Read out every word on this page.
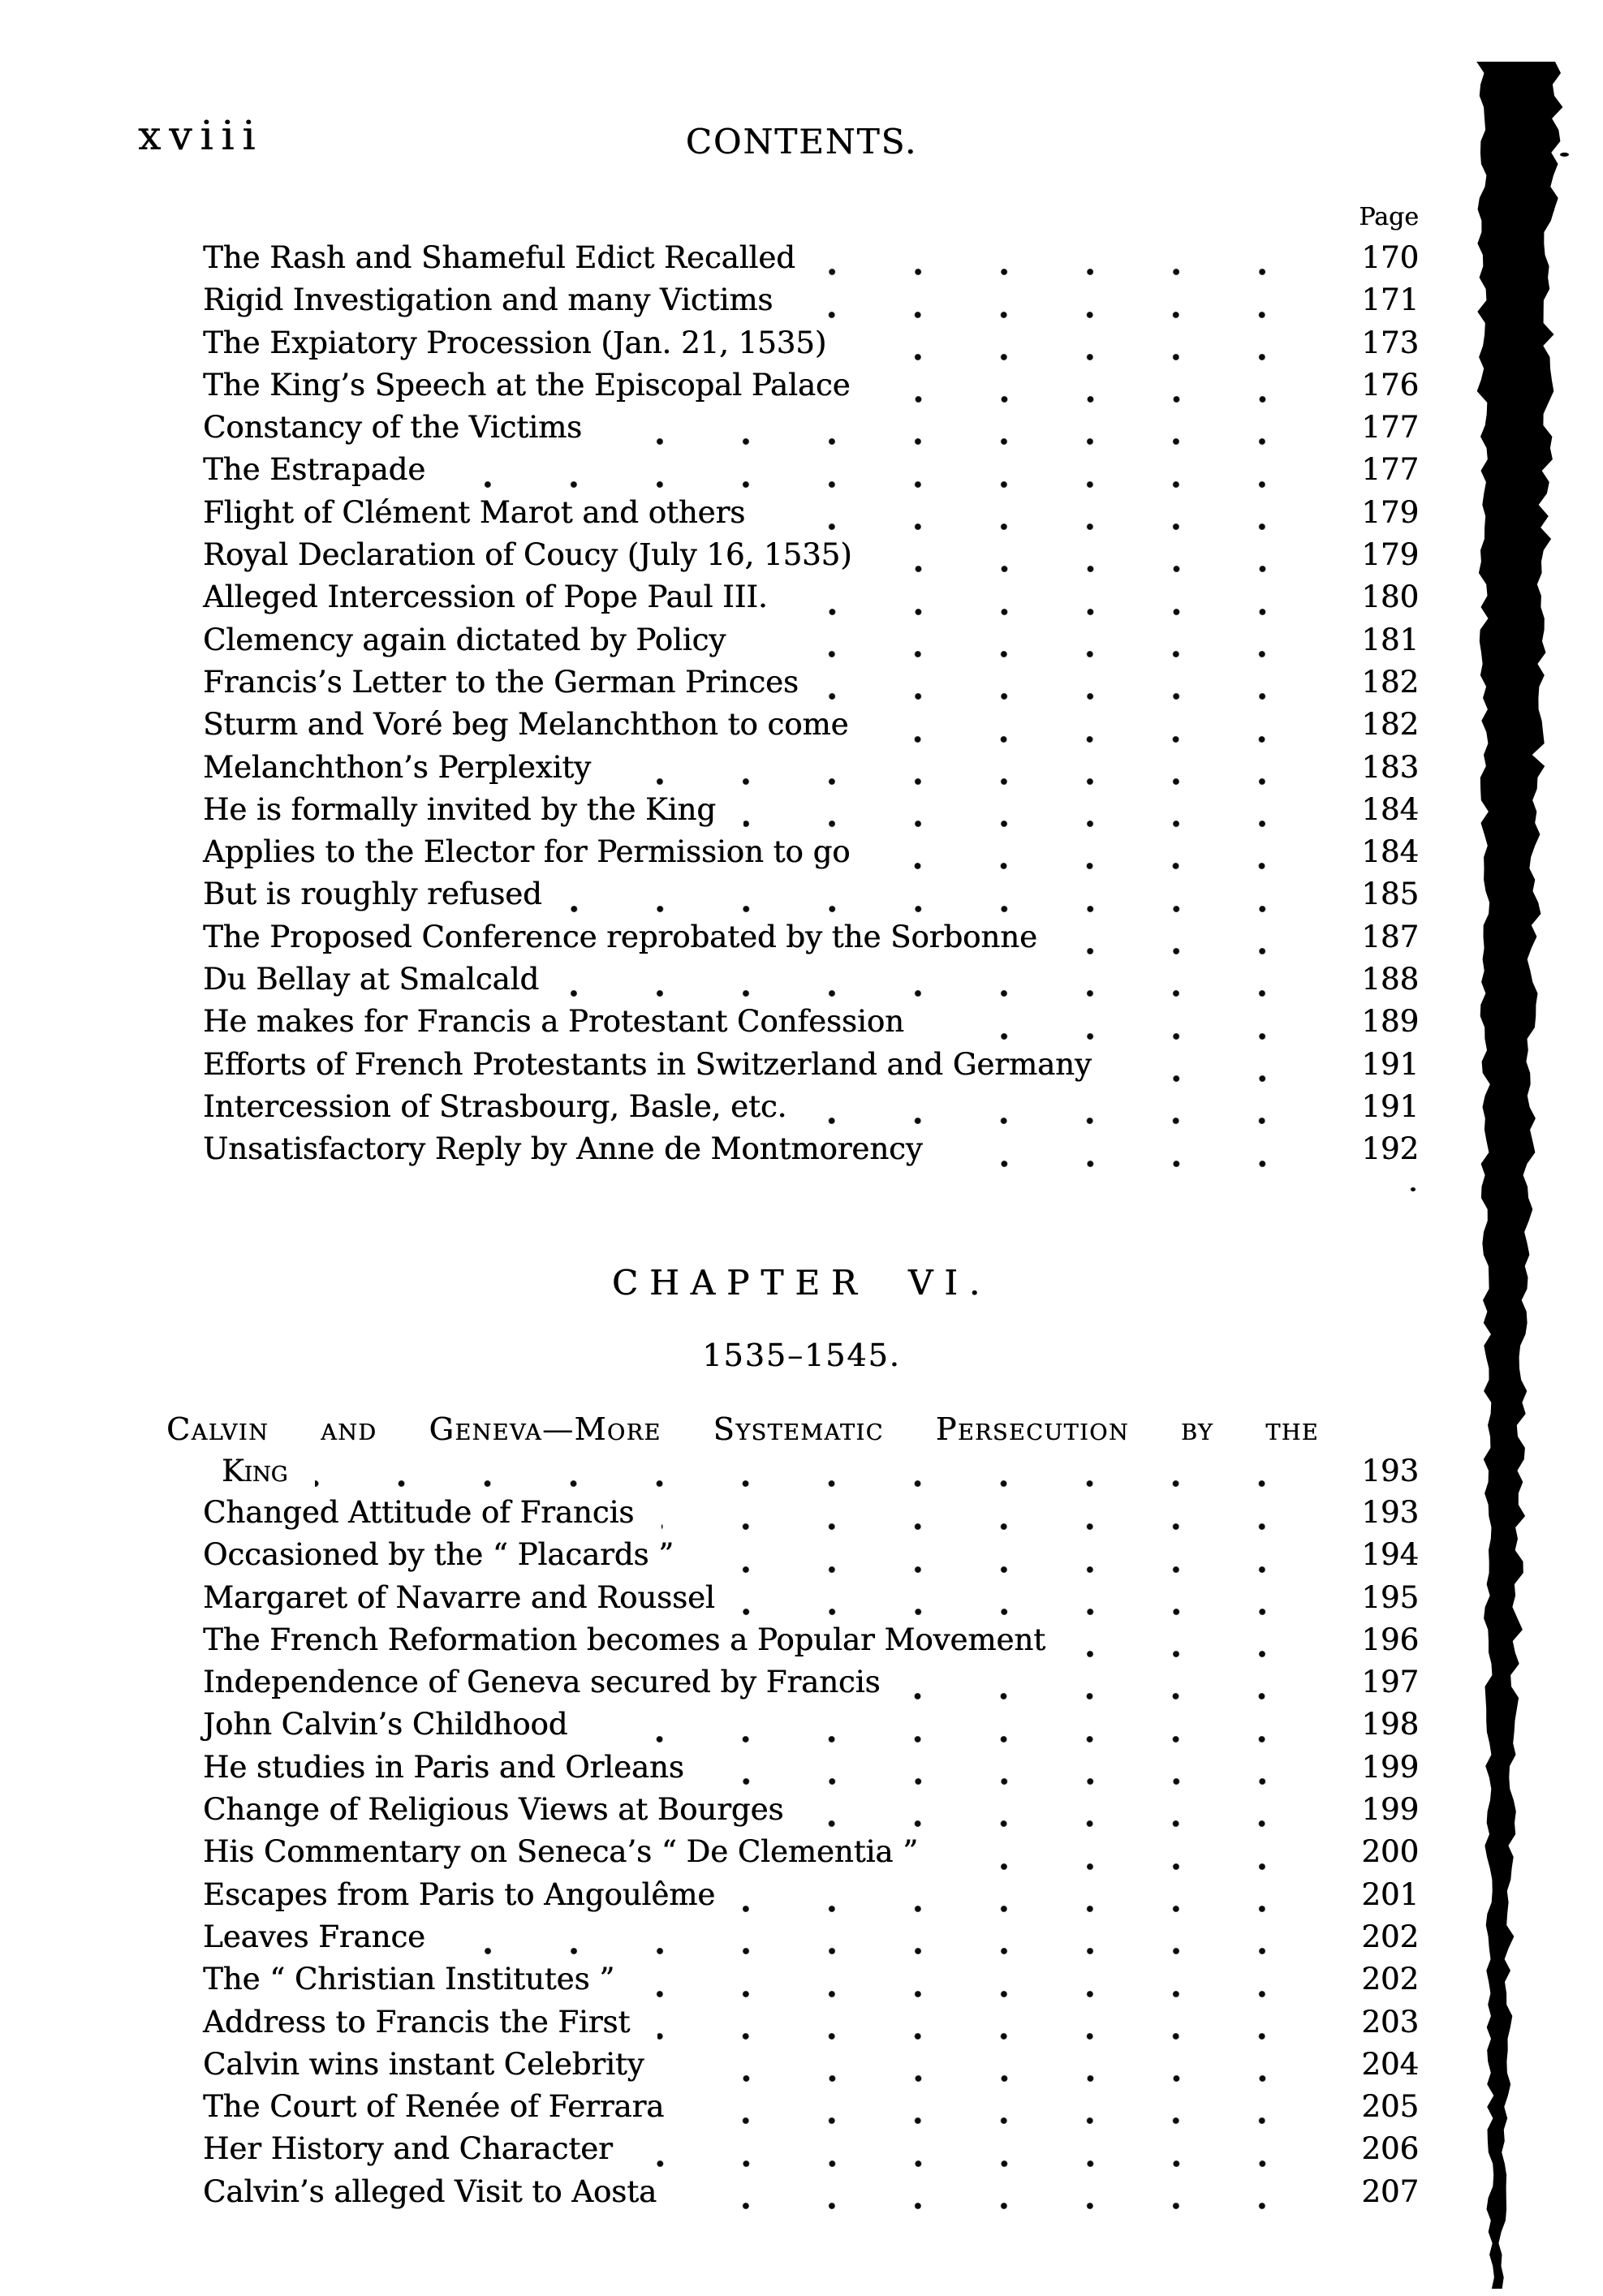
xviii	CONTENTS.
Page
The Rash and Shameful Edict Recalled	170
Rigid Investigation and many Victims	171
The Expiatory Procession (Jan. 21, 1535)	173
The King’s Speech at the Episcopal Palace	176
Constancy of the Victims	177
The Estrapade	177
Flight of Clément Marot and others	179
Royal Declaration of Coucy (July 16, 1535)	179
Alleged Intercession of Pope Paul III.	180
Clemency again dictated by Policy	181
Francis’s Letter to the German Princes	182
Sturm and Voré beg Melanchthon to come	182
Melanchthon’s Perplexity	183
He is formally invited by the King	184
Applies to the Elector for Permission to go	184
But is roughly refused	185
The Proposed Conference reprobated by the Sorbonne	187
Du Bellay at Smalcald	188
He makes for Francis a Protestant Confession	189
Efforts of French Protestants in Switzerland and Germany	191
Intercession of Strasbourg, Basle, etc.	191
Unsatisfactory Reply by Anne de Montmorency	192
CHAPTER VI.
1535–1545.
Calvin and Geneva—More Systematic Persecution by the
King	193
Changed Attitude of Francis	193
Occasioned by the “ Placards ”	194
Margaret of Navarre and Roussel	195
The French Reformation becomes a Popular Movement	196
Independence of Geneva secured by Francis	197
John Calvin’s Childhood	198
He studies in Paris and Orleans	199
Change of Religious Views at Bourges	199
His Commentary on Seneca’s “ De Clementia ”	200
Escapes from Paris to Angoulême	201
Leaves France	202
The “ Christian Institutes ”	202
Address to Francis the First	203
Calvin wins instant Celebrity	204
The Court of Renée of Ferrara	205
Her History and Character	206
Calvin’s alleged Visit to Aosta	207
